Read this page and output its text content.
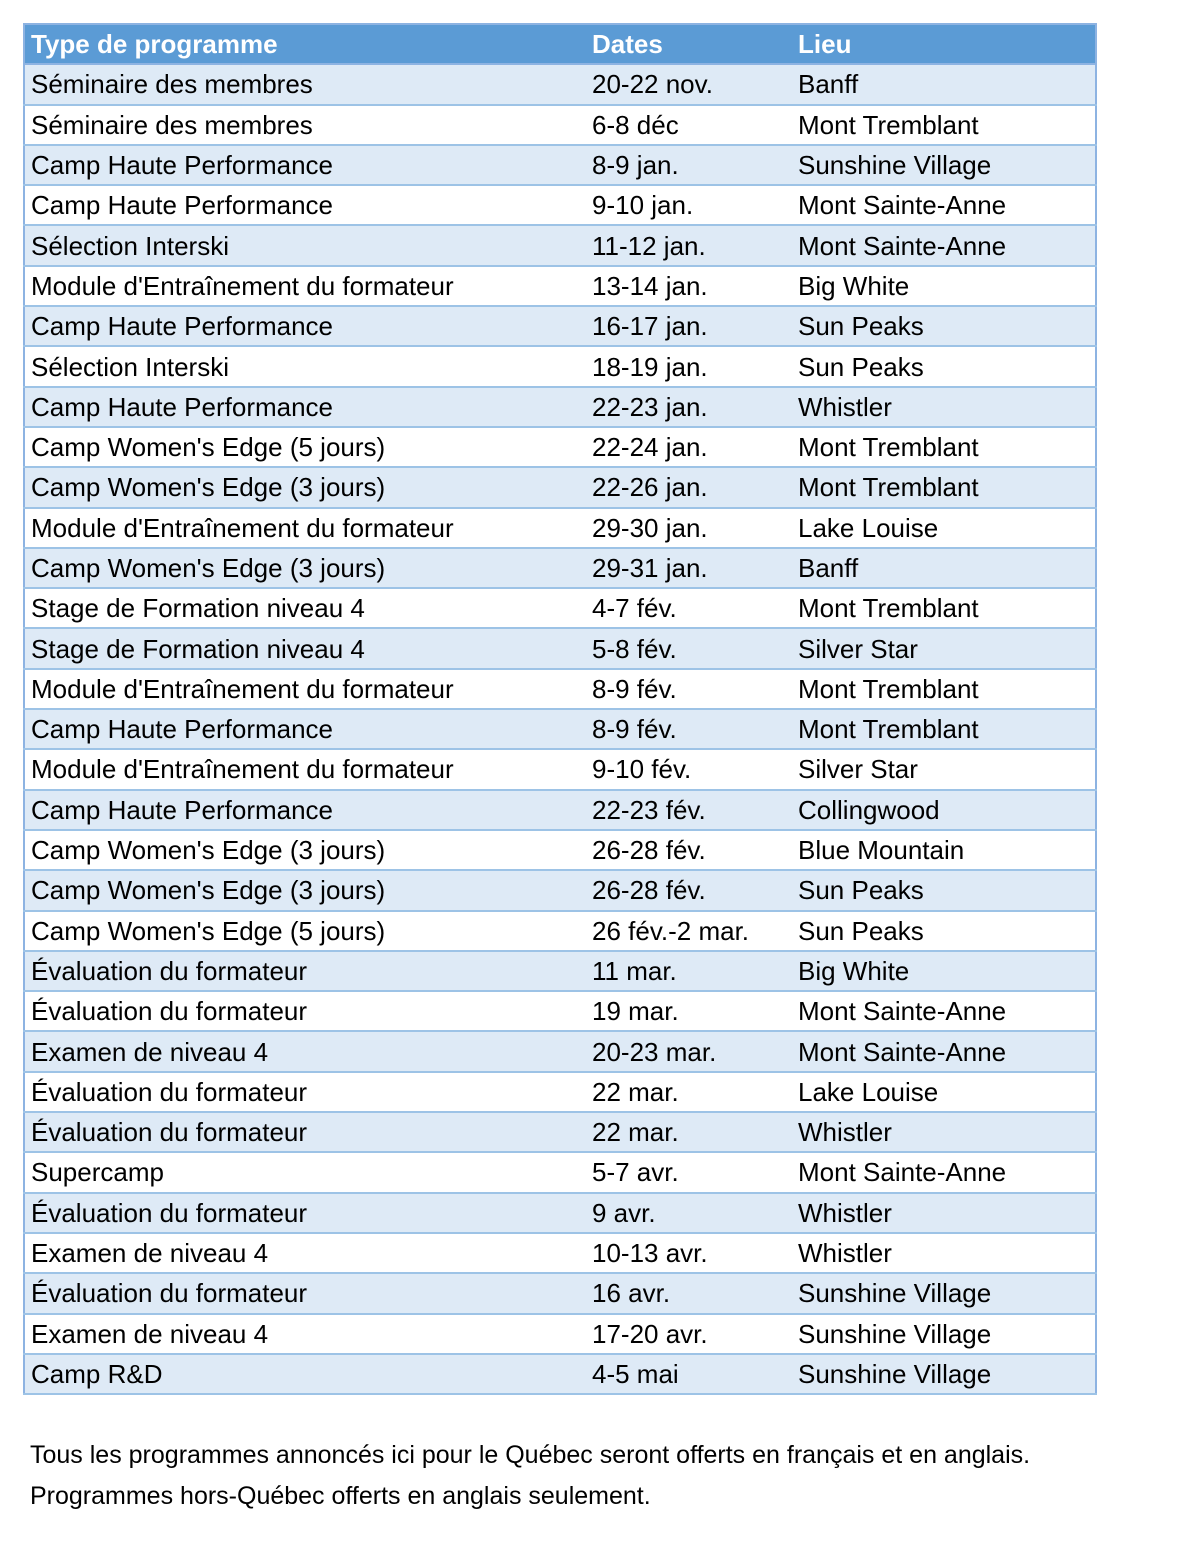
Type de programme	Dates	Lieu
Séminaire des membres	20-22 nov.	Banff
Séminaire des membres	6-8 déc	Mont Tremblant
Camp Haute Performance	8-9 jan.	Sunshine Village
Camp Haute Performance	9-10 jan.	Mont Sainte-Anne
Sélection Interski	11-12 jan.	Mont Sainte-Anne
Module d'Entraînement du formateur	13-14 jan.	Big White
Camp Haute Performance	16-17 jan.	Sun Peaks
Sélection Interski	18-19 jan.	Sun Peaks
Camp Haute Performance	22-23 jan.	Whistler
Camp Women's Edge (5 jours)	22-24 jan.	Mont Tremblant
Camp Women's Edge (3 jours)	22-26 jan.	Mont Tremblant
Module d'Entraînement du formateur	29-30 jan.	Lake Louise
Camp Women's Edge (3 jours)	29-31 jan.	Banff
Stage de Formation niveau 4	4-7 fév.	Mont Tremblant
Stage de Formation niveau 4	5-8 fév.	Silver Star
Module d'Entraînement du formateur	8-9 fév.	Mont Tremblant
Camp Haute Performance	8-9 fév.	Mont Tremblant
Module d'Entraînement du formateur	9-10 fév.	Silver Star
Camp Haute Performance	22-23 fév.	Collingwood
Camp Women's Edge (3 jours)	26-28 fév.	Blue Mountain
Camp Women's Edge (3 jours)	26-28 fév.	Sun Peaks
Camp Women's Edge (5 jours)	26 fév.-2 mar.	Sun Peaks
Évaluation du formateur	11 mar.	Big White
Évaluation du formateur	19 mar.	Mont Sainte-Anne
Examen de niveau 4	20-23 mar.	Mont Sainte-Anne
Évaluation du formateur	22 mar.	Lake Louise
Évaluation du formateur	22 mar.	Whistler
Supercamp	5-7 avr.	Mont Sainte-Anne
Évaluation du formateur	9 avr.	Whistler
Examen de niveau 4	10-13 avr.	Whistler
Évaluation du formateur	16 avr.	Sunshine Village
Examen de niveau 4	17-20 avr.	Sunshine Village
Camp R&D	4-5 mai	Sunshine Village
Tous les programmes annoncés ici pour le Québec seront offerts en français et en anglais.
Programmes hors-Québec offerts en anglais seulement.
